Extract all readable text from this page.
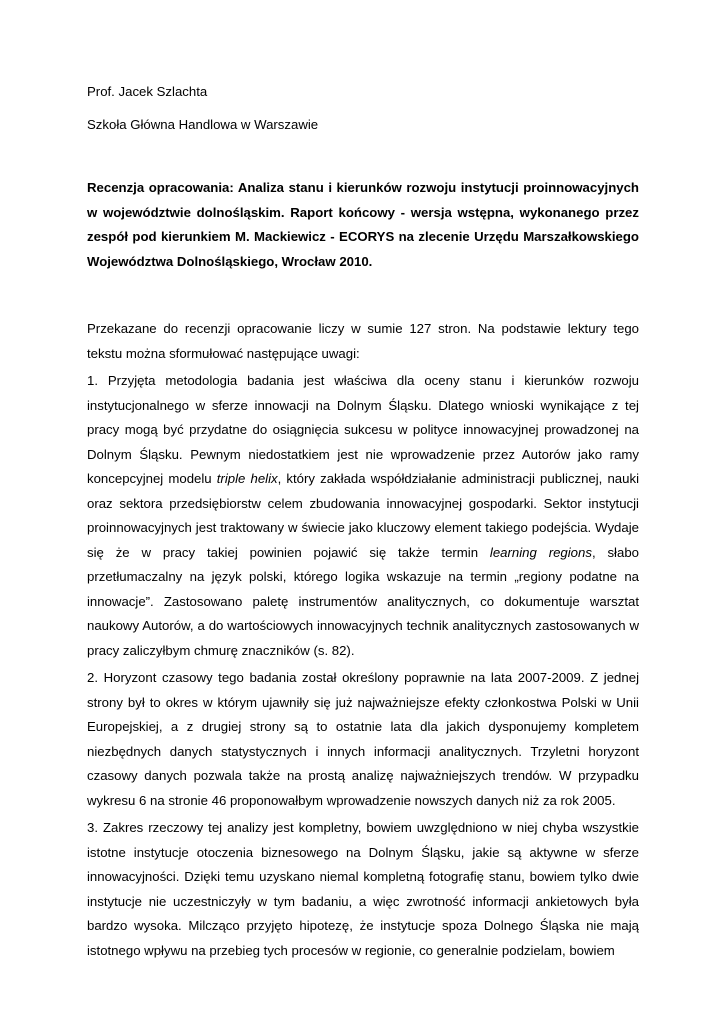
Prof. Jacek Szlachta

Szkoła Główna Handlowa w Warszawie

Recenzja opracowania: Analiza stanu i kierunków rozwoju instytucji proinnowacyjnych w województwie dolnośląskim. Raport końcowy - wersja wstępna, wykonanego przez zespół pod kierunkiem M. Mackiewicz - ECORYS na zlecenie Urzędu Marszałkowskiego Województwa Dolnośląskiego, Wrocław 2010.

Przekazane do recenzji opracowanie liczy w sumie 127 stron. Na podstawie lektury tego tekstu można sformułować następujące uwagi:

1. Przyjęta metodologia badania jest właściwa dla oceny stanu i kierunków rozwoju instytucjonalnego w sferze innowacji na Dolnym Śląsku. Dlatego wnioski wynikające z tej pracy mogą być przydatne do osiągnięcia sukcesu w polityce innowacyjnej prowadzonej na Dolnym Śląsku. Pewnym niedostatkiem jest nie wprowadzenie przez Autorów jako ramy koncepcyjnej modelu triple helix, który zakłada współdziałanie administracji publicznej, nauki oraz sektora przedsiębiorstw celem zbudowania innowacyjnej gospodarki. Sektor instytucji proinnowacyjnych jest traktowany w świecie jako kluczowy element takiego podejścia. Wydaje się że w pracy takiej powinien pojawić się także termin learning regions, słabo przetłumaczalny na język polski, którego logika wskazuje na termin „regiony podatne na innowacje”. Zastosowano paletę instrumentów analitycznych, co dokumentuje warsztat naukowy Autorów, a do wartościowych innowacyjnych technik analitycznych zastosowanych w pracy zaliczyłbym chmurę znaczników (s. 82).

2. Horyzont czasowy tego badania został określony poprawnie na lata 2007-2009. Z jednej strony był to okres w którym ujawniły się już najważniejsze efekty członkostwa Polski w Unii Europejskiej, a z drugiej strony są to ostatnie lata dla jakich dysponujemy kompletem niezbędnych danych statystycznych i innych informacji analitycznych. Trzyletni horyzont czasowy danych pozwala także na prostą analizę najważniejszych trendów. W przypadku wykresu 6 na stronie 46 proponowałbym wprowadzenie nowszych danych niż za rok 2005.

3. Zakres rzeczowy tej analizy jest kompletny, bowiem uwzględniono w niej chyba wszystkie istotne instytucje otoczenia biznesowego na Dolnym Śląsku, jakie są aktywne w sferze innowacyjności. Dzięki temu uzyskano niemal kompletną fotografię stanu, bowiem tylko dwie instytucje nie uczestniczyły w tym badaniu, a więc zwrotność informacji ankietowych była bardzo wysoka. Milcząco przyjęto hipotezę, że instytucje spoza Dolnego Śląska nie mają istotnego wpływu na przebieg tych procesów w regionie, co generalnie podzielam, bowiem
